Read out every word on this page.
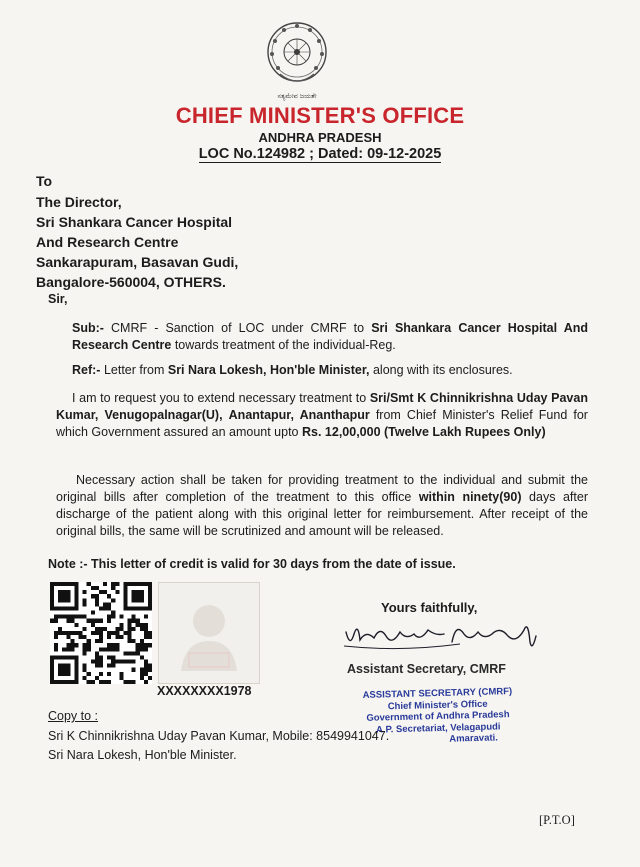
ಸತ್ಯಮೇವ ಜಯತೇ
CHIEF MINISTER'S OFFICE
ANDHRA PRADESH
LOC No.124982 ; Dated: 09-12-2025
To
The Director,
Sri Shankara Cancer Hospital
And Research Centre
Sankarapuram, Basavan Gudi,
Bangalore-560004, OTHERS.
Sir,
Sub:- CMRF - Sanction of LOC under CMRF to Sri Shankara Cancer Hospital And Research Centre towards treatment of the individual-Reg.
Ref:- Letter from Sri Nara Lokesh, Hon'ble Minister, along with its enclosures.
I am to request you to extend necessary treatment to Sri/Smt K Chinnikrishna Uday Pavan Kumar, Venugopalnagar(U), Anantapur, Ananthapur from Chief Minister's Relief Fund for which Government assured an amount upto Rs. 12,00,000 (Twelve Lakh Rupees Only)
Necessary action shall be taken for providing treatment to the individual and submit the original bills after completion of the treatment to this office within ninety(90) days after discharge of the patient along with this original letter for reimbursement. After receipt of the original bills, the same will be scrutinized and amount will be released.
Note :- This letter of credit is valid for 30 days from the date of issue.
XXXXXXXX1978
Yours faithfully,
Assistant Secretary, CMRF
ASSISTANT SECRETARY (CMRF)
Chief Minister's Office
Government of Andhra Pradesh
A.P. Secretariat, Velagapudi
Amaravati.
Copy to :
Sri K Chinnikrishna Uday Pavan Kumar, Mobile: 8549941047.
Sri Nara Lokesh, Hon'ble Minister.
[P.T.O]
